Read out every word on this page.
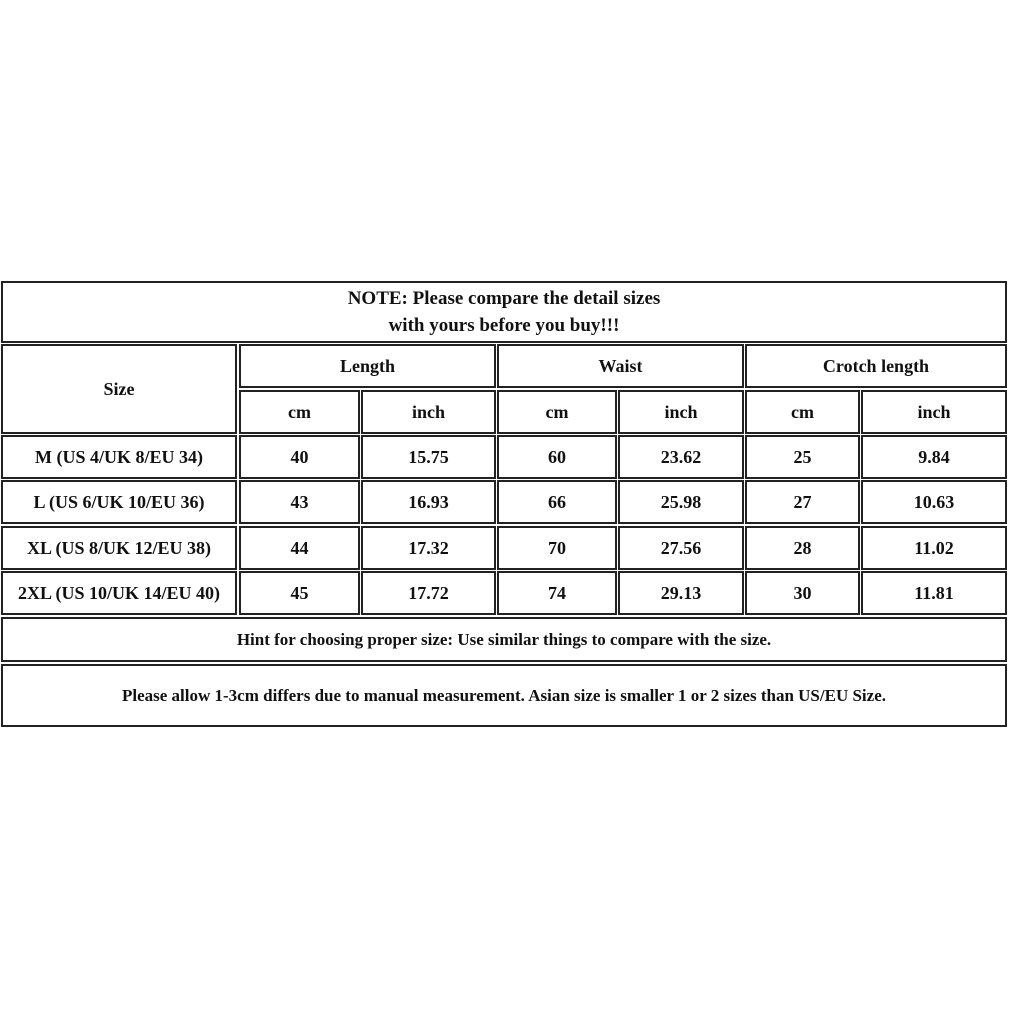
NOTE: Please compare the detail sizes
with yours before you buy!!!
Size
Length	Waist	Crotch length
cm	inch	cm	inch	cm	inch
M (US 4/UK 8/EU 34)	40	15.75	60	23.62	25	9.84
L (US 6/UK 10/EU 36)	43	16.93	66	25.98	27	10.63
XL (US 8/UK 12/EU 38)	44	17.32	70	27.56	28	11.02
2XL (US 10/UK 14/EU 40)	45	17.72	74	29.13	30	11.81
Hint for choosing proper size: Use similar things to compare with the size.
Please allow 1-3cm differs due to manual measurement. Asian size is smaller 1 or 2 sizes than US/EU Size.
